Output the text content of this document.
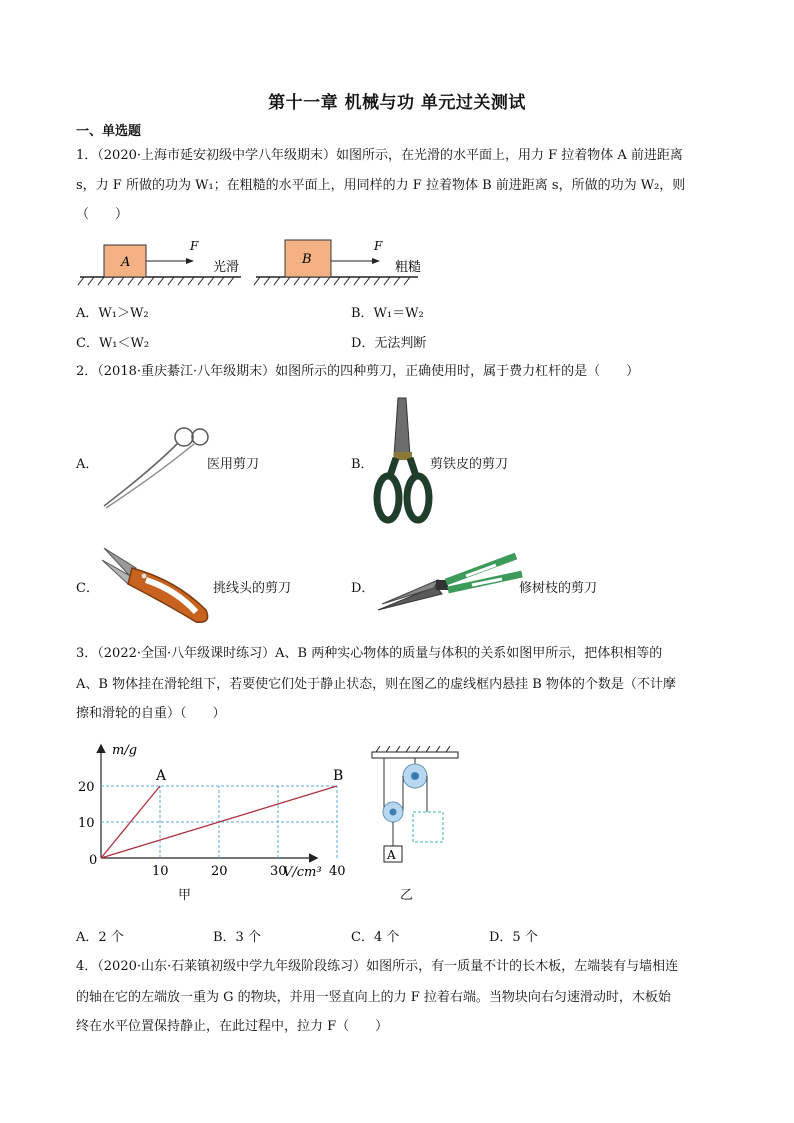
第十一章 机械与功 单元过关测试
一、单选题
1．（2020·上海市延安初级中学八年级期末）如图所示，在光滑的水平面上，用力 F 拉着物体 A 前进距离
s，力 F 所做的功为 W₁；在粗糙的水平面上，用同样的力 F 拉着物体 B 前进距离 s，所做的功为 W₂，则
（　　）
A
F
光滑
B
F
粗糙
A．W₁＞W₂	B．W₁＝W₂
C．W₁＜W₂	D．无法判断
2．（2018·重庆綦江·八年级期末）如图所示的四种剪刀，正确使用时，属于费力杠杆的是（　　）
A．	医用剪刀	B．	剪铁皮的剪刀
C．	挑线头的剪刀	D．	修树枝的剪刀
3．（2022·全国·八年级课时练习）A、B 两种实心物体的质量与体积的关系如图甲所示，把体积相等的
A、B 物体挂在滑轮组下，若要使它们处于静止状态，则在图乙的虚线框内悬挂 B 物体的个数是（不计摩
擦和滑轮的自重）（　　）
m/g
V/cm³
0
10
20
10	20	30	40
A	B
甲
A
乙
A．2 个	B．3 个	C．4 个	D．5 个
4．（2020·山东·石莱镇初级中学九年级阶段练习）如图所示，有一质量不计的长木板，左端装有与墙相连
的轴在它的左端放一重为 G 的物块，并用一竖直向上的力 F 拉着右端。当物块向右匀速滑动时，木板始
终在水平位置保持静止，在此过程中，拉力 F（　　）
